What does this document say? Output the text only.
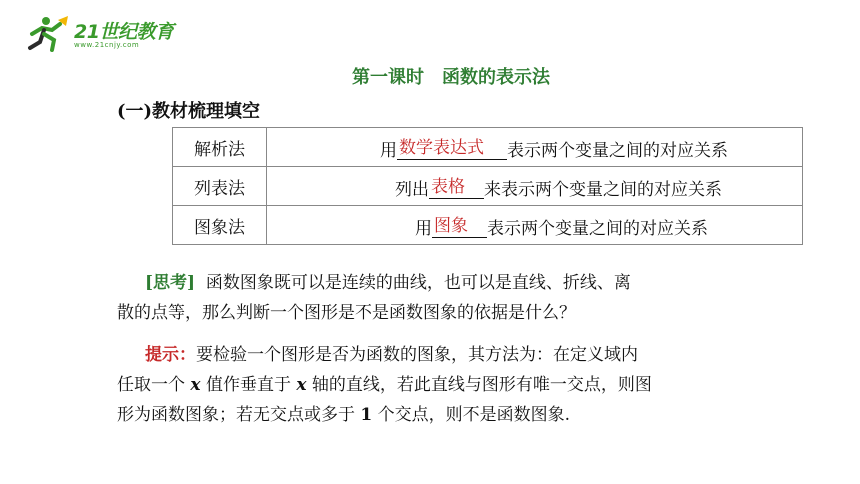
21世纪教育
www.21cnjy.com
第一课时　函数的表示法
(一)教材梳理填空
解析法	用 数学表达式 表示两个变量之间的对应关系
列表法	列出 表格 来表示两个变量之间的对应关系
图象法	用 图象 表示两个变量之间的对应关系
[思考] 函数图象既可以是连续的曲线，也可以是直线、折线、离
散的点等，那么判断一个图形是不是函数图象的依据是什么？
提示：要检验一个图形是否为函数的图象，其方法为：在定义域内
任取一个 x 值作垂直于 x 轴的直线，若此直线与图形有唯一交点，则图
形为函数图象；若无交点或多于 1 个交点，则不是函数图象.
